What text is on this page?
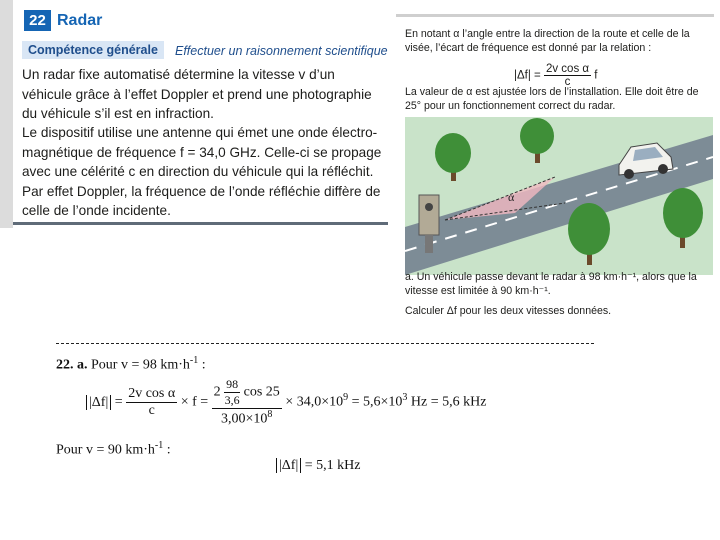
22 Radar
Compétence générale	Effectuer un raisonnement scientifique
Un radar fixe automatisé détermine la vitesse v d’un véhicule grâce à l’effet Doppler et prend une photographie du véhicule s’il est en infraction.
Le dispositif utilise une antenne qui émet une onde électro-magnétique de fréquence f = 34,0 GHz. Celle-ci se propage avec une célérité c en direction du véhicule qui la réfléchit. Par effet Doppler, la fréquence de l’onde réfléchie diffère de celle de l’onde incidente.
En notant α l’angle entre la direction de la route et celle de la visée, l’écart de fréquence est donné par la relation :
$|\Delta f| = \frac{\text{2v cos α}}{c}$ f
La valeur de α est ajustée lors de l’installation. Elle doit être de 25° pour un fonctionnement correct du radar.
α
a. Un véhicule passe devant le radar à 98 km·h⁻¹, alors que la vitesse est limitée à 90 km·h⁻¹.
Calculer Δf pour les deux vitesses données.
22. a. Pour v = 98 $km\cdot h^{-1}$ :
$|\Delta f| = \frac{\text{2v cos α}}{c} \times f$ =
$2 \frac{98}{3,6}$ cos 25
$3,00\times 10^8$
× $34,0\times 10^9 = 5,6\times 10^3$ Hz = 5,6 kHz
Pour v = 90 $km\cdot h^{-1}$ :
|Δf| = 5,1 kHz
